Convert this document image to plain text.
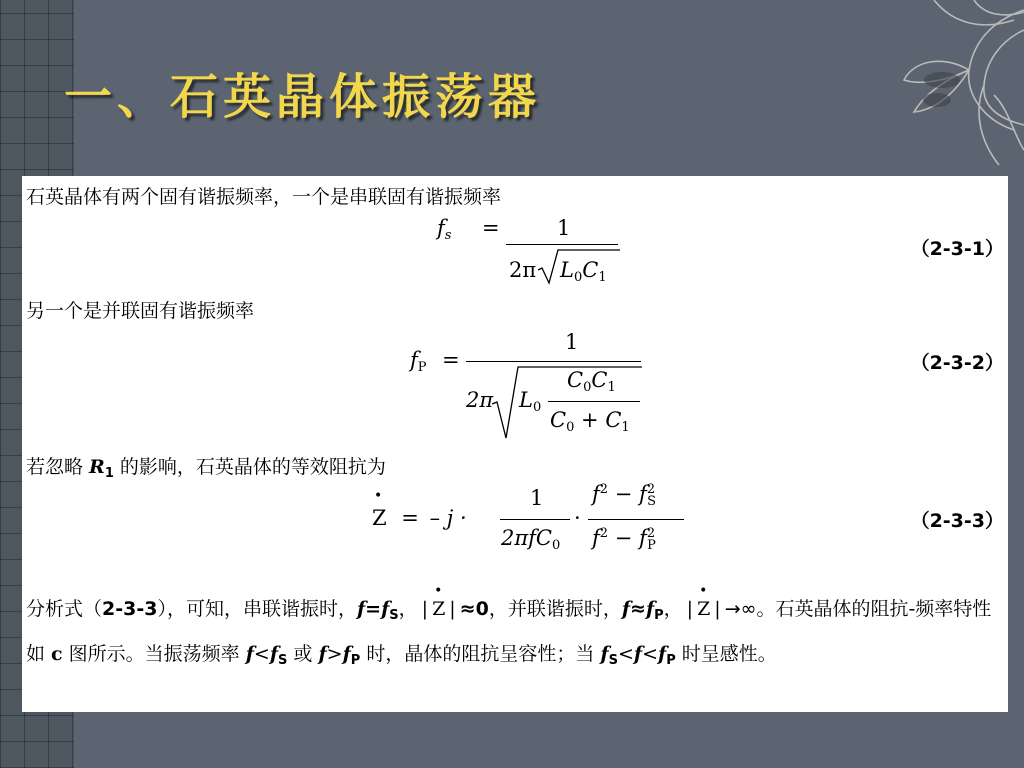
一、石英晶体振荡器
石英晶体有两个固有谐振频率，一个是串联固有谐振频率
$f_s$ =	1
2π $L_0C_1$
（2-3-1）
另一个是并联固有谐振频率
$f_P$ =
1
2π $L_0$
$C_0C_1$
$C_0 + C_1$
（2-3-2）
若忽略 $R_1$ 的影响，石英晶体的等效阻抗为
• Z = – j ·
1
2πfC$_0$
·
$f^2 - f^2_S$
$f^2 - f^2_P$
（2-3-3）
分析式（2-3-3），可知，串联谐振时，$f=f_S$， | • Z | ≈0，并联谐振时，$f\approx f_P$， | • Z | →∞。石英晶体的阻抗-频率特性如 c 图所示。当振荡频率 $f<f_S$ 或 $f>f_P$ 时，晶体的阻抗呈容性；当 $f_S<f<f_P$ 时呈感性。
